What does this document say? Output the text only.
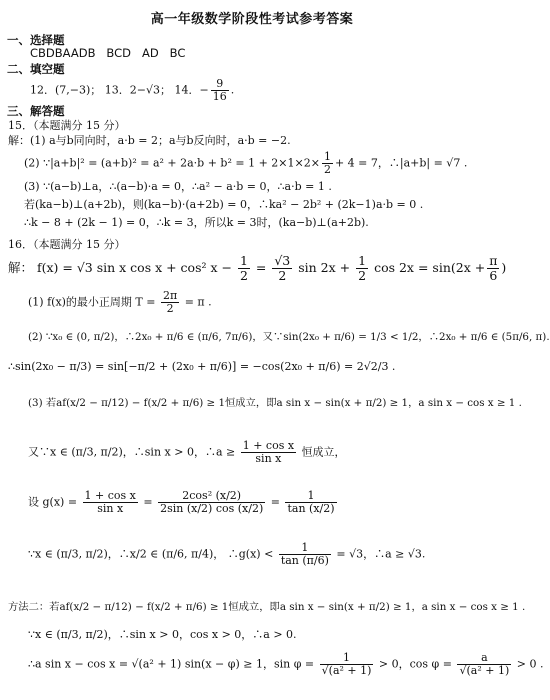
高一年级数学阶段性考试参考答案
一、选择题
CBDBAADB   BCD   AD   BC
二、填空题
12．(7,−3)； 13．2−√3； 14．− $\frac{9}{16}$ .
三、解答题
15．（本题满分 15 分）
解：(1) a与b同向时，a·b = 2；a与b反向时，a·b = −2.
(2) ∵|a+b|² = $(a+b)^2 = a^2 + 2a\cdot b + b^2 = 1 + 2\times 1\times 2\times \frac{1}{2} + 4 = 7$，∴|a+b| = √7 .
(3) ∵(a−b)⊥a，∴(a−b)·a = 0，∴a² − a·b = 0，∴a·b = 1 .
若(ka−b)⊥(a+2b)，则(ka−b)·(a+2b) = 0，∴ka² − 2b² + (2k−1)a·b = 0 .
∴k − 8 + (2k − 1) = 0，∴k = 3，所以k = 3时，(ka−b)⊥(a+2b).
16．（本题满分 15 分）
解： f(x) = √3 sin x cos x + cos² $x - \frac{1}{2} = \frac{√3}{2}$ $\sin 2x + \frac{1}{2}$ $\cos 2x = \sin(2x + \frac{\pi}{6}$ )
(1) f(x)的最小正周期 $T = \frac{2\pi}{2} = \pi$ .
(2) ∵x₀ ∈ (0, π/2)，∴2x₀ + π/6 ∈ (π/6, 7π/6)，又∵sin(2x₀ + π/6) = 1/3 < 1/2，∴2x₀ + π/6 ∈ (5π/6, π).
∴sin(2x₀ − π/3) = sin[−π/2 + (2x₀ + π/6)] = −cos(2x₀ + π/6) = 2√2/3 .
(3) 若af(x/2 − π/12) − f(x/2 + π/6) ≥ 1恒成立，即a sin x − sin(x + π/2) ≥ 1，a sin x − cos x ≥ 1 .
又∵x ∈ (π/3, π/2)，∴sin x > 0，∴a ≥ $\frac{\text{1 + cos x}}{\text{sin x}}$ 恒成立，
设 $g(x) = \frac{\text{1 + cos x}}{\text{sin x}} = \frac{\text{2cos² (x/2)}}{2\sin (x/2) \cos (x/2)} = \frac{1}{\tan (x/2)}$
∵x ∈ (π/3, π/2)，∴x/2 ∈ (π/6, π/4)， ∴g(x) < $\frac{1}{\tan (\pi/6)} = √3$，∴a ≥ √3.
方法二：若af(x/2 − π/12) − f(x/2 + π/6) ≥ 1恒成立，即a sin x − sin(x + π/2) ≥ 1，a sin x − cos x ≥ 1 .
∵x ∈ (π/3, π/2)，∴sin x > 0，cos x > 0，∴a > 0.
∴a sin x − cos x = √(a² + 1) sin(x − φ) ≥ 1，$\sin \varphi = \frac{1}{\text{√(a² + 1)}} > 0$，$\cos \varphi = \frac{a}{\text{√(a² + 1)}} > 0$ .
